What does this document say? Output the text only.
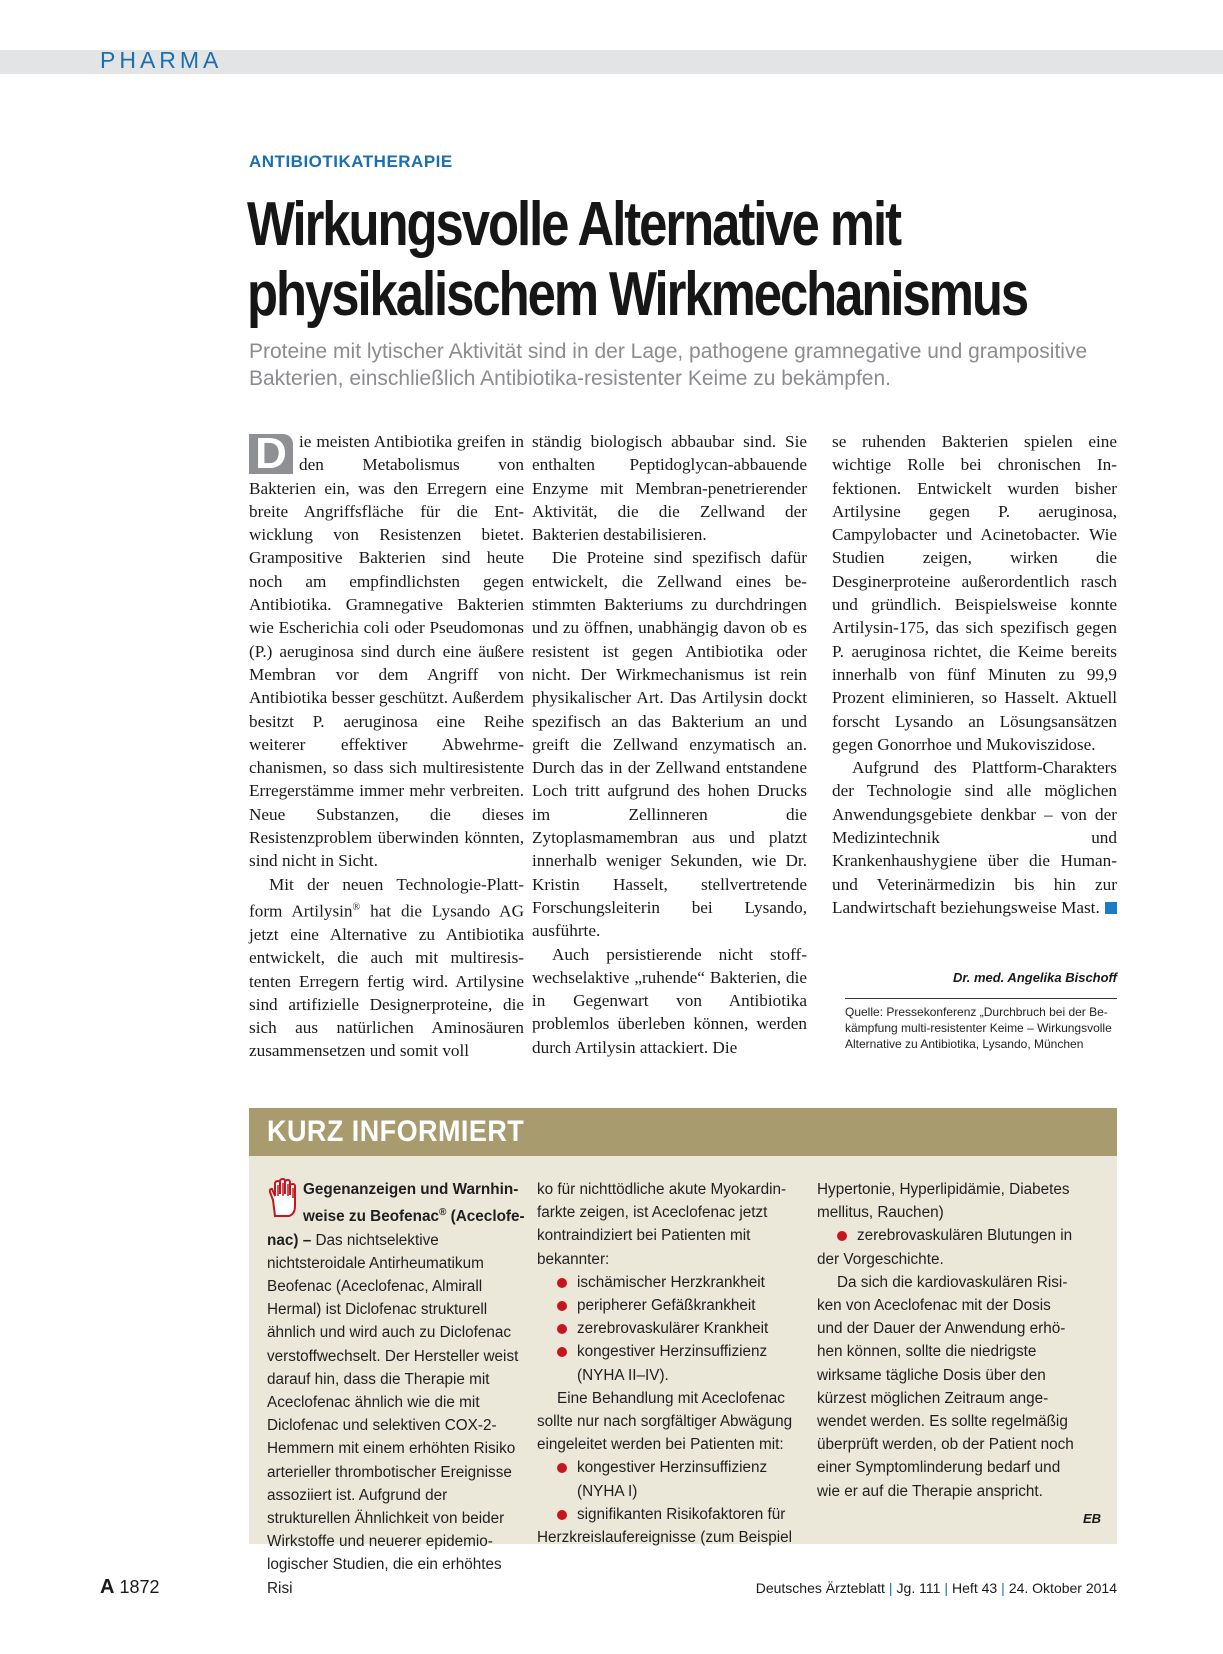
PHARMA
ANTIBIOTIKATHERAPIE
Wirkungsvolle Alternative mit
physikalischem Wirkmechanismus
Proteine mit lytischer Aktivität sind in der Lage, pathogene gramnegative und grampositive Bakterien, einschließlich Antibiotika-resistenter Keime zu bekämpfen.

D ie meisten Antibiotika greifen in den Metabolismus von Bakterien ein, was den Erregern eine breite Angriffsfläche für die Entwicklung von Resistenzen bietet. Grampositive Bakterien sind heute noch am empfindlichsten gegen Antibiotika. Gramnegative Bakterien wie Escherichia coli oder Pseudomonas (P.) aeruginosa sind durch eine äußere Membran vor dem Angriff von Antibiotika besser geschützt. Außerdem besitzt P. aeruginosa eine Reihe weiterer effektiver Abwehrmechanismen, so dass sich multiresistente Erregerstämme immer mehr verbreiten. Neue Substanzen, die dieses Resistenzproblem überwinden könnten, sind nicht in Sicht.

Mit der neuen Technologie-Plattform Artilysin® hat die Lysando AG jetzt eine Alternative zu Antibiotika entwickelt, die auch mit multiresistenten Erregern fertig wird. Artilysine sind artifizielle Designerproteine, die sich aus natürlichen Aminosäuren zusammensetzen und somit voll

ständig biologisch abbaubar sind. Sie enthalten Peptidoglycan-abbauende Enzyme mit Membran-penetrierender Aktivität, die die Zellwand der Bakterien destabilisieren.

Die Proteine sind spezifisch dafür entwickelt, die Zellwand eines bestimmten Bakteriums zu durchdringen und zu öffnen, unabhängig davon ob es resistent ist gegen Antibiotika oder nicht. Der Wirkmechanismus ist rein physikalischer Art. Das Artilysin dockt spezifisch an das Bakterium an und greift die Zellwand enzymatisch an. Durch das in der Zellwand entstandene Loch tritt aufgrund des hohen Drucks im Zellinneren die Zytoplasmamembran aus und platzt innerhalb weniger Sekunden, wie Dr. Kristin Hasselt, stellvertretende Forschungsleiterin bei Lysando, ausführte.

Auch persistierende nicht stoffwechselaktive „ruhende“ Bakterien, die in Gegenwart von Antibiotika problemlos überleben können, werden durch Artilysin attackiert. Die

se ruhenden Bakterien spielen eine wichtige Rolle bei chronischen Infektionen. Entwickelt wurden bisher Artilysine gegen P. aeruginosa, Campylobacter und Acinetobacter. Wie Studien zeigen, wirken die Desginerproteine außerordentlich rasch und gründlich. Beispielsweise konnte Artilysin-175, das sich spezifisch gegen P. aeruginosa richtet, die Keime bereits innerhalb von fünf Minuten zu 99,9 Prozent eliminieren, so Hasselt. Aktuell forscht Lysando an Lösungsansätzen gegen Gonorrhoe und Mukoviszidose.

Aufgrund des Plattform-Charakters der Technologie sind alle möglichen Anwendungsgebiete denkbar – von der Medizintechnik und Krankenhaushygiene über die Human- und Veterinärmedizin bis hin zur Landwirtschaft beziehungsweise Mast.

Dr. med. Angelika Bischoff
Quelle: Pressekonferenz „Durchbruch bei der Bekämpfung multi-resistenter Keime – Wirkungsvolle Alternative zu Antibiotika, Lysando, München
KURZ INFORMIERT

Gegenanzeigen und Warnhinweise zu Beofenac® (Aceclofenac) – Das nichtselektive nichtsteroidale Antirheumatikum Beofenac (Aceclofenac, Almirall Hermal) ist Diclofenac strukturell ähnlich und wird auch zu Diclofenac verstoffwechselt. Der Hersteller weist darauf hin, dass die Therapie mit Aceclofenac ähnlich wie die mit Diclofenac und selektiven COX-2-Hemmern mit einem erhöhten Risiko arterieller thrombotischer Ereignisse assoziiert ist. Aufgrund der strukturellen Ähnlichkeit von beider Wirkstoffe und neuerer epidemiologischer Studien, die ein erhöhtes Risi

ko für nichttödliche akute Myokardinfarkte zeigen, ist Aceclofenac jetzt kontraindiziert bei Patienten mit bekannter:

ischämischer Herzkrankheit

peripherer Gefäßkrankheit

zerebrovaskulärer Krankheit

kongestiver Herzinsuffizienz (NYHA II–IV).

Eine Behandlung mit Aceclofenac sollte nur nach sorgfältiger Abwägung eingeleitet werden bei Patienten mit:

kongestiver Herzinsuffizienz (NYHA I)

signifikanten Risikofaktoren für

Herzkreislaufereignisse (zum Beispiel

Hypertonie, Hyperlipidämie, Diabetes mellitus, Rauchen)

zerebrovaskulären Blutungen in

der Vorgeschichte.

Da sich die kardiovaskulären Risiken von Aceclofenac mit der Dosis und der Dauer der Anwendung erhöhen können, sollte die niedrigste wirksame tägliche Dosis über den kürzest möglichen Zeitraum angewendet werden. Es sollte regelmäßig überprüft werden, ob der Patient noch einer Symptomlinderung bedarf und wie er auf die Therapie anspricht.

EB
A 1872	Deutsches Ärzteblatt | Jg. 111 | Heft 43 | 24. Oktober 2014
